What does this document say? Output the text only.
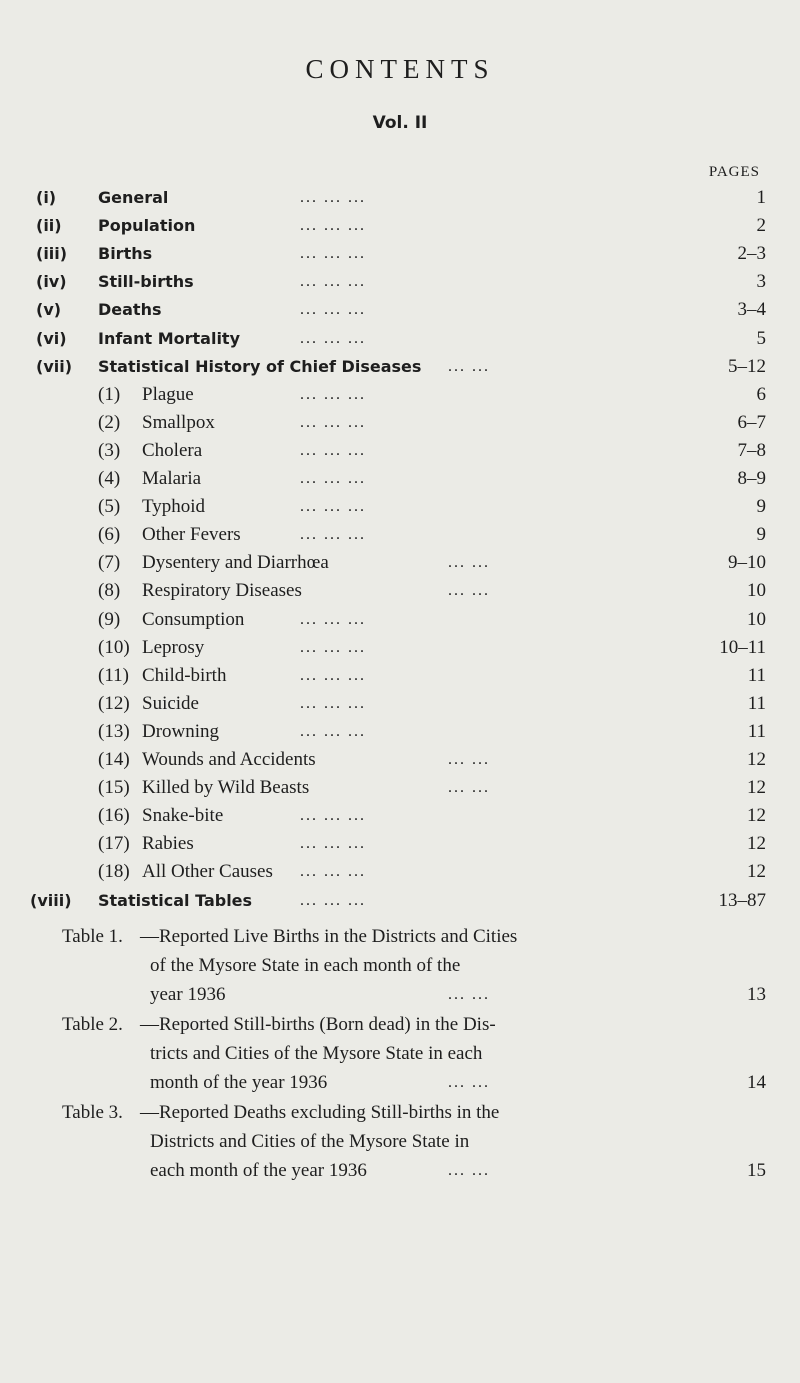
CONTENTS
Vol. II
PAGES
(i)	General	... ... ...	1
(ii) Population	... ... ...	2
(iii) Births	... ... ...	2–3
(iv) Still-births	... ... ...	3
(v) Deaths	... ... ...	3–4
(vi) Infant Mortality	... ... ...	5
(vii) Statistical History of Chief Diseases ... ...	5–12
(1) Plague	... ... ...	6
(2) Smallpox	... ... ...	6–7
(3) Cholera	... ... ...	7–8
(4) Malaria	... ... ...	8–9
(5) Typhoid	... ... ...	9
(6) Other Fevers	... ... ...	9
(7) Dysentery and Diarrhœa	... ...	9–10
(8) Respiratory Diseases	... ...	10
(9) Consumption	... ... ...	10
(10) Leprosy	... ... ...	10–11
(11) Child-birth	... ... ...	11
(12) Suicide	... ... ...	11
(13) Drowning	... ... ...	11
(14) Wounds and Accidents	... ...	12
(15) Killed by Wild Beasts	... ...	12
(16) Snake-bite	... ... ...	12
(17) Rabies	... ... ...	12
(18) All Other Causes ... ... ...	12
(viii) Statistical Tables	... ... ...	13–87
Table 1. —Reported Live Births in the Districts and Cities
of the Mysore State in each month of the
year 1936	... ...	13
Table 2. —Reported Still-births (Born dead) in the Dis-
tricts and Cities of the Mysore State in each
month of the year 1936	... ...	14
Table 3. —Reported Deaths excluding Still-births in the
Districts and Cities of the Mysore State in
each month of the year 1936	... ...	15
